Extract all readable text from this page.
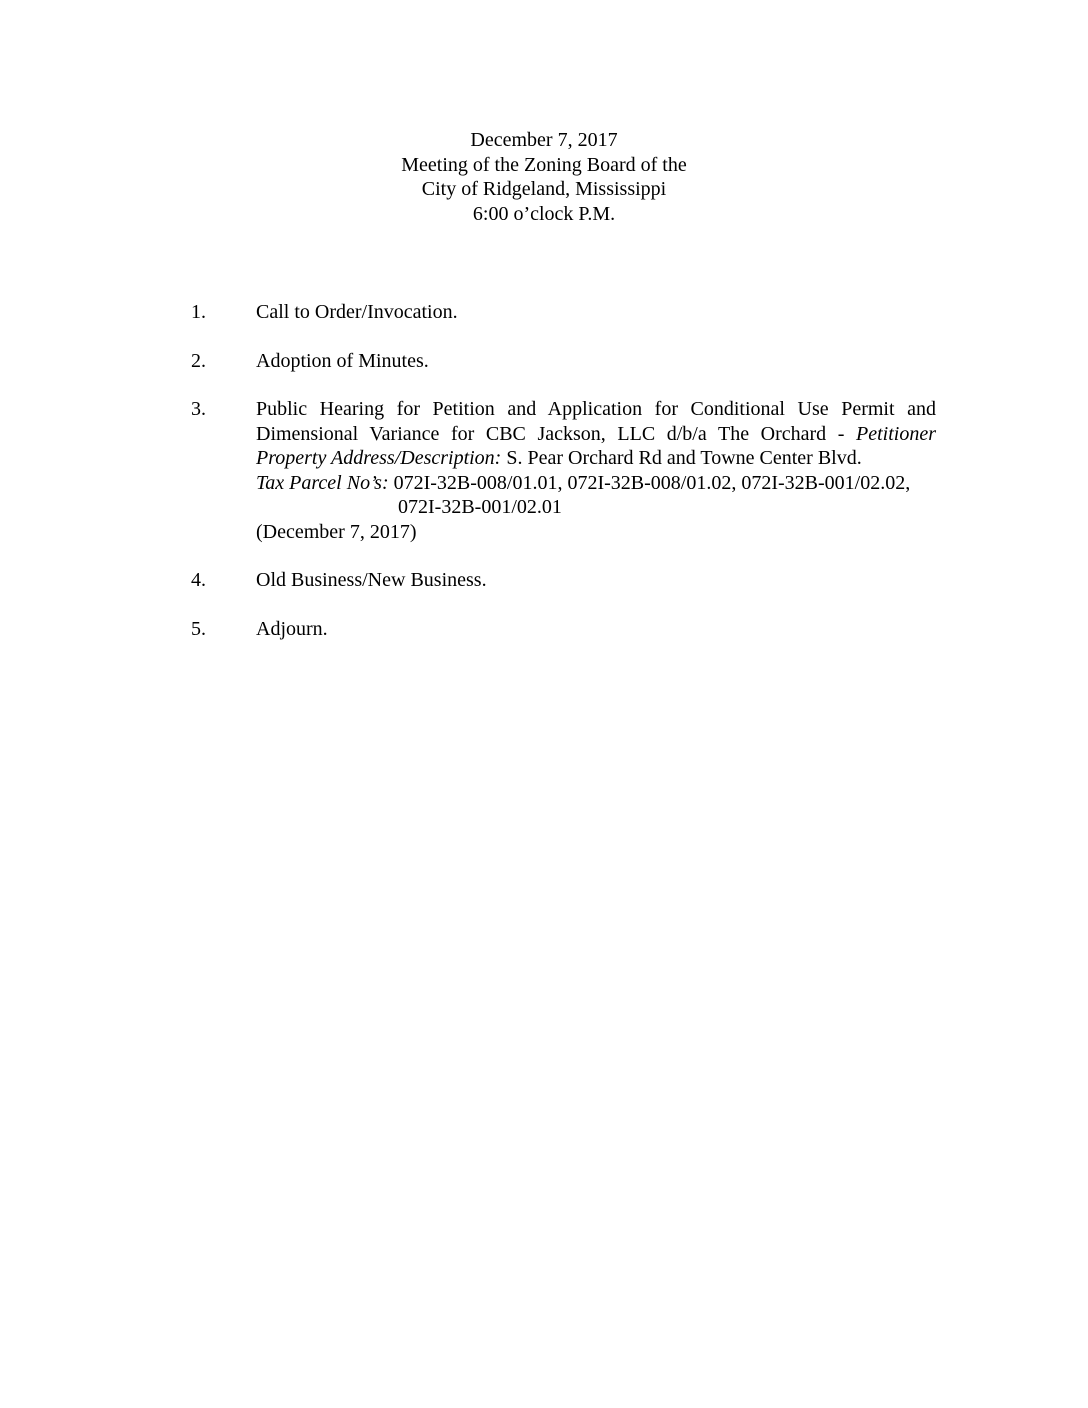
December 7, 2017
Meeting of the Zoning Board of the
City of Ridgeland, Mississippi
6:00 o’clock P.M.
1.	Call to Order/Invocation.
2.	Adoption of Minutes.
3.	Public Hearing for Petition and Application for Conditional Use Permit and
Dimensional Variance for CBC Jackson, LLC d/b/a The Orchard - Petitioner
Property Address/Description: S. Pear Orchard Rd and Towne Center Blvd.
Tax Parcel No’s: 072I-32B-008/01.01, 072I-32B-008/01.02, 072I-32B-001/02.02,
072I-32B-001/02.01
(December 7, 2017)
4.	Old Business/New Business.
5.	Adjourn.
